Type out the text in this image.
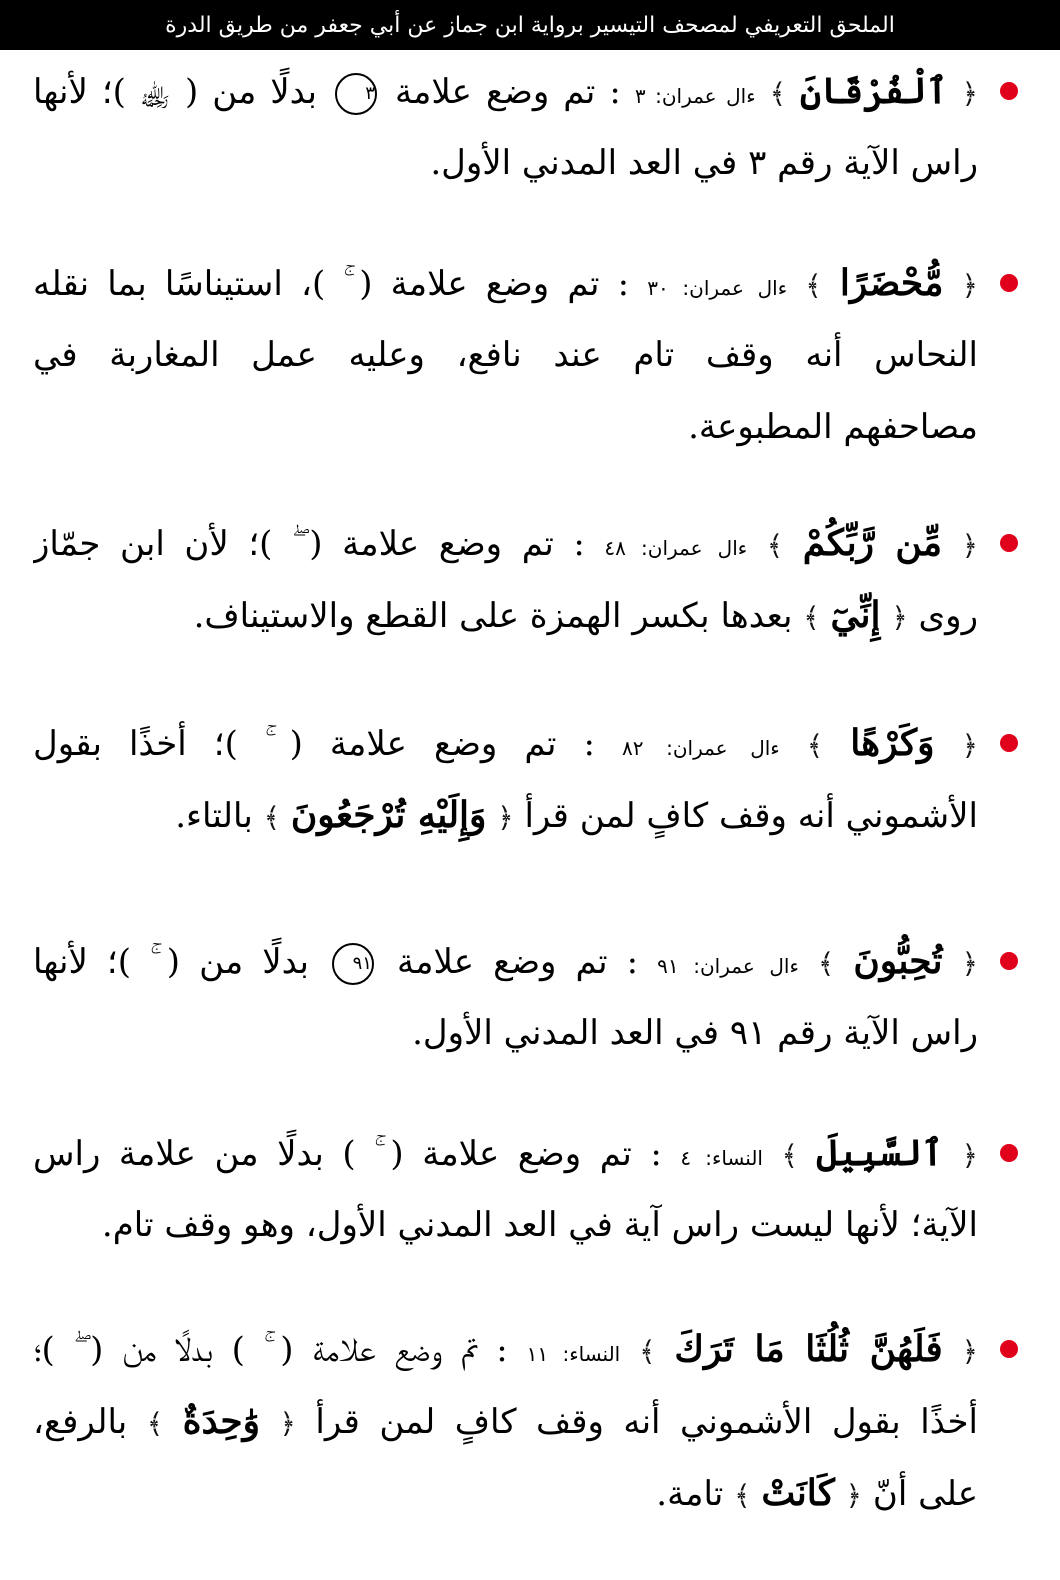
الملحق التعريفي لمصحف التيسير برواية ابن جماز عن أبي جعفر من طريق الدرة
﴿ ٱلْفُرْقَانَ ﴾ ءال عمران: ٣ : تم وضع علامة ٣ بدلًا من ( ﵀ )؛ لأنها
راس الآية رقم ٣ في العد المدني الأول.
﴿ مُّحْضَرًا ﴾ ءال عمران: ٣٠ : تم وضع علامة ( ۚ )، استيناسًا بما نقله
النحاس أنه وقف تام عند نافع، وعليه عمل المغاربة في
مصاحفهم المطبوعة.
﴿ مِّن رَّبِّكُمْ ﴾ ءال عمران: ٤٨ : تم وضع علامة ( ۖ )؛ لأن ابن جمّاز
روى ﴿ إِنِّيٓ ﴾ بعدها بكسر الهمزة على القطع والاستيناف.
﴿ وَكَرْهًا ﴾ ءال عمران: ٨٢ : تم وضع علامة ( ۚ )؛ أخذًا بقول
الأشموني أنه وقف كافٍ لمن قرأ ﴿ وَإِلَيْهِ تُرْجَعُونَ ﴾ بالتاء.
﴿ تُحِبُّونَ ﴾ ءال عمران: ٩١ : تم وضع علامة ٩١ بدلًا من ( ۚ )؛ لأنها
راس الآية رقم ٩١ في العد المدني الأول.
﴿ ٱلسَّبِيلَ ﴾ النساء: ٤ : تم وضع علامة ( ۚ ) بدلًا من علامة راس
الآية؛ لأنها ليست راس آية في العد المدني الأول، وهو وقف تام.
﴿ فَلَهُنَّ ثُلُثَا مَا تَرَكَ ﴾ النساء: ١١ : تم وضع علامة ( ۚ ) بدلًا من ( ۖ )؛
أخذًا بقول الأشموني أنه وقف كافٍ لمن قرأ ﴿ وَٰحِدَةٌ ﴾ بالرفع،
على أنّ ﴿ كَانَتْ ﴾ تامة.
